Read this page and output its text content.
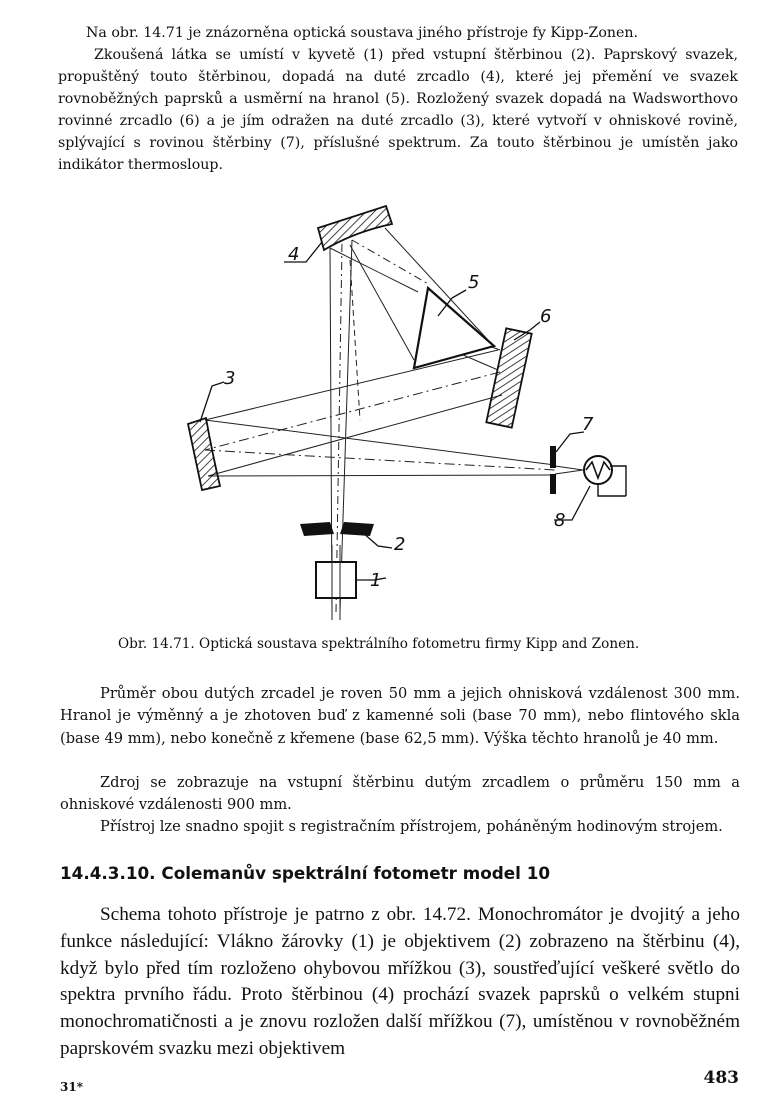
Na obr. 14.71 je znázorněna optická soustava jiného přístroje fy Kipp-Zonen.

Zkoušená látka se umístí v kyvetě (1) před vstupní štěrbinou (2). Paprskový svazek, propuštěný touto štěrbinou, dopadá na duté zrcadlo (4), které jej přemění ve svazek rovnoběžných paprsků a usměrní na hranol (5). Rozložený svazek dopadá na Wadsworthovo rovinné zrcadlo (6) a je jím odražen na duté zrcadlo (3), které vytvoří v ohniskové rovině, splývající s rovinou štěrbiny (7), příslušné spektrum. Za touto štěrbinou je umístěn jako indikátor thermosloup.

1
2
3
4
5
6
7
8

Obr. 14.71. Optická soustava spektrálního fotometru firmy Kipp and Zonen.

Průměr obou dutých zrcadel je roven 50 mm a jejich ohnisková vzdálenost 300 mm. Hranol je výměnný a je zhotoven buď z kamenné soli (base 70 mm), nebo flintového skla (base 49 mm), nebo konečně z křemene (base 62,5 mm). Výška těchto hranolů je 40 mm.

Zdroj se zobrazuje na vstupní štěrbinu dutým zrcadlem o průměru 150 mm a ohniskové vzdálenosti 900 mm.

Přístroj lze snadno spojit s registračním přístrojem, poháněným hodinovým strojem.

14.4.3.10. Colemanův spektrální fotometr model 10

Schema tohoto přístroje je patrno z obr. 14.72. Monochromátor je dvojitý a jeho funkce následující: Vlákno žárovky (1) je objektivem (2) zobrazeno na štěrbinu (4), když bylo před tím rozloženo ohybovou mřížkou (3), soustřeďující veškeré světlo do spektra prvního řádu. Proto štěrbinou (4) prochází svazek paprsků o velkém stupni monochromatičnosti a je znovu rozložen další mřížkou (7), umístěnou v rovnoběžném paprskovém svazku mezi objektivem

31*	483
